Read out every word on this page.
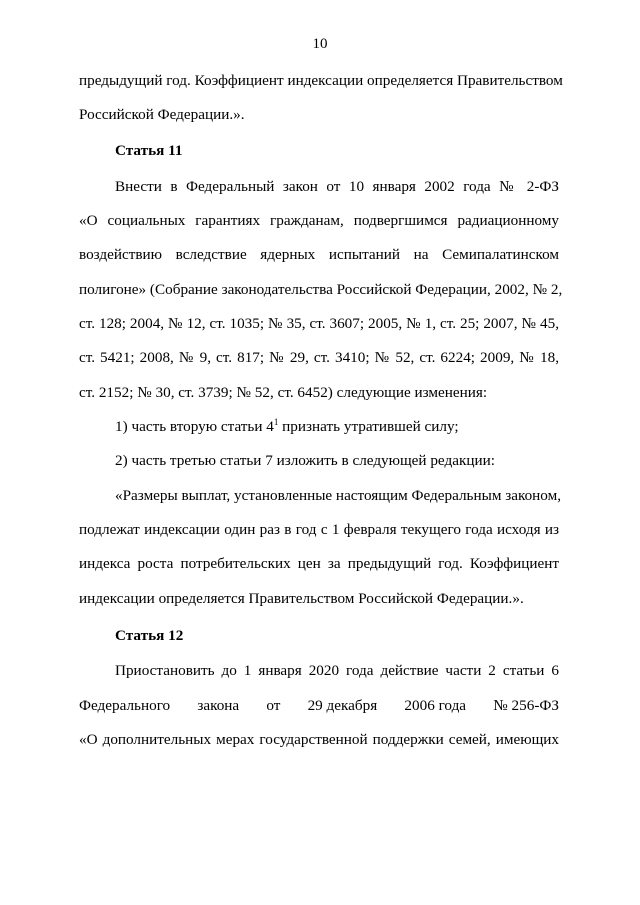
10
предыдущий год. Коэффициент индексации определяется Правительством
Российской Федерации.».
Статья 11
Внести в Федеральный закон от 10 января 2002 года № 2-ФЗ
«О социальных гарантиях гражданам, подвергшимся радиационному
воздействию вследствие ядерных испытаний на Семипалатинском
полигоне» (Собрание законодательства Российской Федерации, 2002, № 2,
ст. 128; 2004, № 12, ст. 1035; № 35, ст. 3607; 2005, № 1, ст. 25; 2007, № 45,
ст. 5421; 2008, № 9, ст. 817; № 29, ст. 3410; № 52, ст. 6224; 2009, № 18,
ст. 2152; № 30, ст. 3739; № 52, ст. 6452) следующие изменения:
1) часть вторую статьи $4^1$ признать утратившей силу;
2) часть третью статьи 7 изложить в следующей редакции:
«Размеры выплат, установленные настоящим Федеральным законом,
подлежат индексации один раз в год с 1 февраля текущего года исходя из
индекса роста потребительских цен за предыдущий год. Коэффициент
индексации определяется Правительством Российской Федерации.».
Статья 12
Приостановить до 1 января 2020 года действие части 2 статьи 6
Федерального закона от 29 декабря 2006 года № 256-ФЗ
«О дополнительных мерах государственной поддержки семей, имеющих
